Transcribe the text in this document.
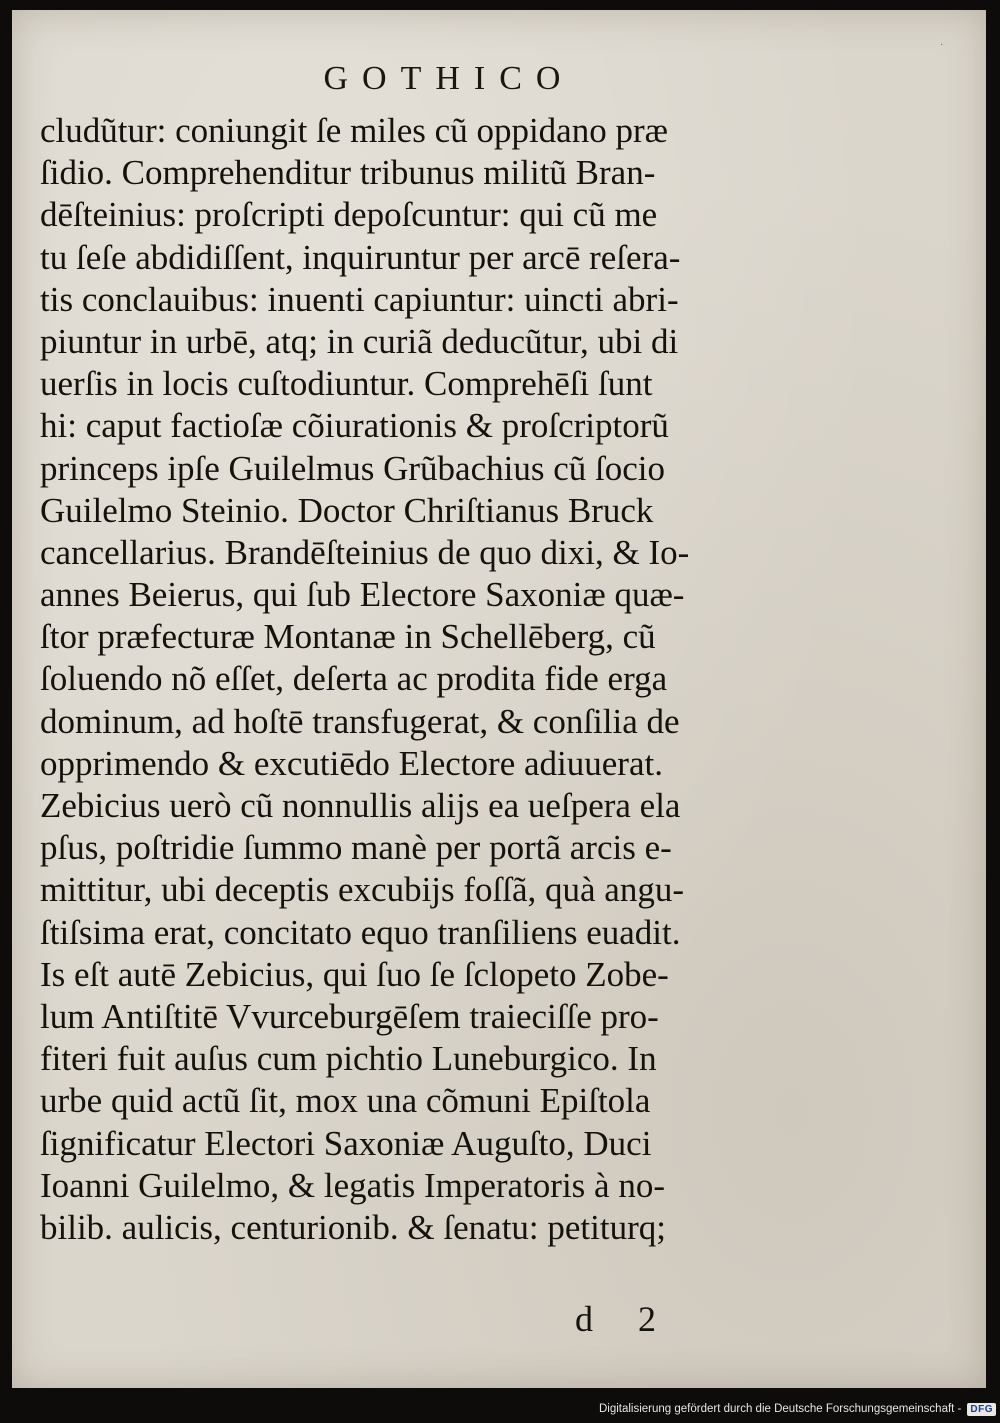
·
GOTHICO
cludũtur: coniungit ſe miles cũ oppidano præ
ſidio. Comprehenditur tribunus militũ Bran-
dēſteinius: proſcripti depoſcuntur: qui cũ me
tu ſeſe abdidiſſent, inquiruntur per arcē reſera-
tis conclauibus: inuenti capiuntur: uincti abri-
piuntur in urbē, atq; in curiã deducũtur, ubi di
uerſis in locis cuſtodiuntur. Comprehēſi ſunt
hi: caput factioſæ cõiurationis & proſcriptorũ
princeps ipſe Guilelmus Grũbachius cũ ſocio
Guilelmo Steinio. Doctor Chriſtianus Bruck
cancellarius. Brandēſteinius de quo dixi, & Io-
annes Beierus, qui ſub Electore Saxoniæ quæ-
ſtor præfecturæ Montanæ in Schellēberg, cũ
ſoluendo nõ eſſet, deſerta ac prodita fide erga
dominum, ad hoſtē transfugerat, & conſilia de
opprimendo & excutiēdo Electore adiuuerat.
Zebicius uerò cũ nonnullis alijs ea ueſpera ela
pſus, poſtridie ſummo manè per portã arcis e-
mittitur, ubi deceptis excubijs foſſã, quà angu-
ſtiſsima erat, concitato equo tranſiliens euadit.
Is eſt autē Zebicius, qui ſuo ſe ſclopeto Zobe-
lum Antiſtitē Vvurceburgēſem traieciſſe pro-
fiteri fuit auſus cum pichtio Luneburgico. In
urbe quid actũ ſit, mox una cõmuni Epiſtola
ſignificatur Electori Saxoniæ Auguſto, Duci
Ioanni Guilelmo, & legatis Imperatoris à no-
bilib. aulicis, centurionib. & ſenatu: petiturq;
d 2
Digitalisierung gefördert durch die Deutsche Forschungsgemeinschaft - DFG
